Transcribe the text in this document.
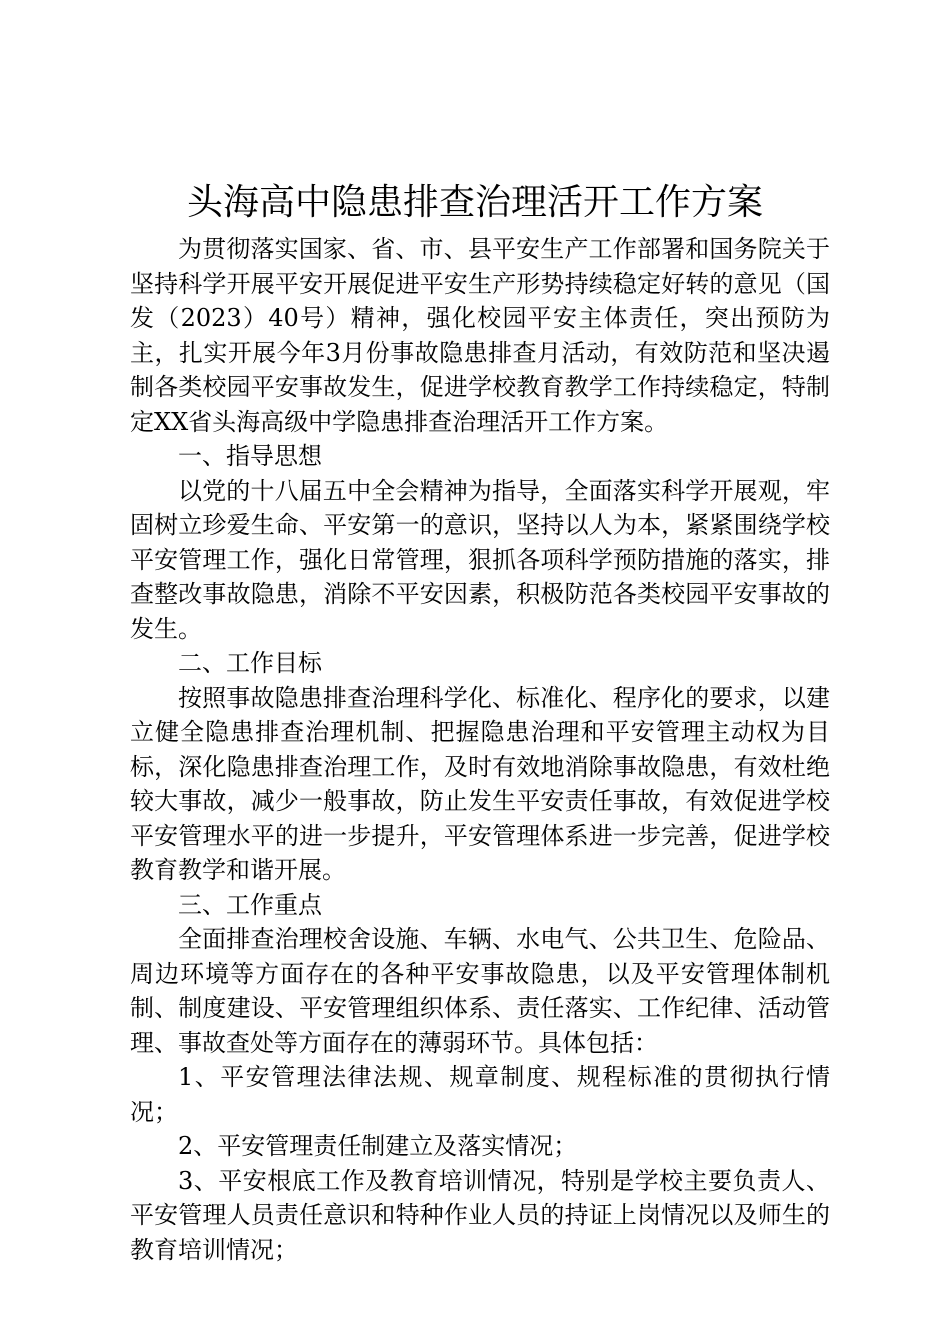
头海高中隐患排查治理活开工作方案

为贯彻落实国家、省、市、县平安生产工作部署和国务院关于坚持科学开展平安开展促进平安生产形势持续稳定好转的意见（国发（2023）40号）精神，强化校园平安主体责任，突出预防为主，扎实开展今年3月份事故隐患排查月活动，有效防范和坚决遏制各类校园平安事故发生，促进学校教育教学工作持续稳定，特制定XX省头海高级中学隐患排查治理活开工作方案。

一、指导思想

以党的十八届五中全会精神为指导，全面落实科学开展观，牢固树立珍爱生命、平安第一的意识，坚持以人为本，紧紧围绕学校平安管理工作，强化日常管理，狠抓各项科学预防措施的落实，排查整改事故隐患，消除不平安因素，积极防范各类校园平安事故的发生。

二、工作目标

按照事故隐患排查治理科学化、标准化、程序化的要求，以建立健全隐患排查治理机制、把握隐患治理和平安管理主动权为目标，深化隐患排查治理工作，及时有效地消除事故隐患，有效杜绝较大事故，减少一般事故，防止发生平安责任事故，有效促进学校平安管理水平的进一步提升，平安管理体系进一步完善，促进学校教育教学和谐开展。

三、工作重点

全面排查治理校舍设施、车辆、水电气、公共卫生、危险品、周边环境等方面存在的各种平安事故隐患，以及平安管理体制机制、制度建设、平安管理组织体系、责任落实、工作纪律、活动管理、事故查处等方面存在的薄弱环节。具体包括：

1、平安管理法律法规、规章制度、规程标准的贯彻执行情况；

2、平安管理责任制建立及落实情况；

3、平安根底工作及教育培训情况，特别是学校主要负责人、平安管理人员责任意识和特种作业人员的持证上岗情况以及师生的教育培训情况；
